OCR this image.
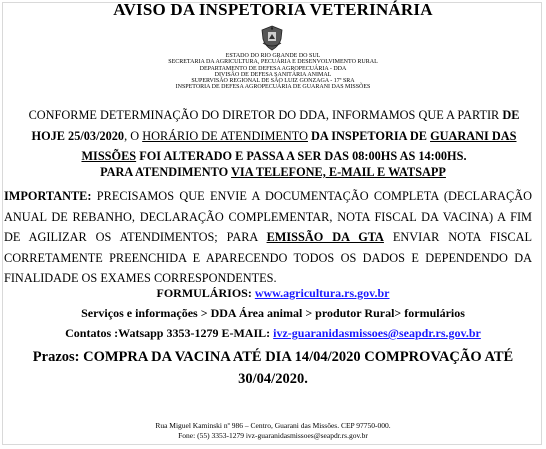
AVISO DA INSPETORIA VETERINÁRIA
ESTADO DO RIO GRANDE DO SUL
SECRETARIA DA AGRICULTURA, PECUÁRIA E DESENVOLVIMENTO RURAL
DEPARTAMENTO DE DEFESA AGROPECUÁRIA - DDA
DIVISÃO DE DEFESA SANITÁRIA ANIMAL
SUPERVISÃO REGIONAL DE SÃO LUIZ GONZAGA - 17ª SRA
INSPETORIA DE DEFESA AGROPECUÁRIA DE GUARANI DAS MISSÕES
CONFORME DETERMINAÇÃO DO DIRETOR DO DDA, INFORMAMOS QUE A PARTIR DE HOJE 25/03/2020, O HORÁRIO DE ATENDIMENTO DA INSPETORIA DE GUARANI DAS MISSÕES FOI ALTERADO E PASSA A SER DAS 08:00HS AS 14:00HS.
PARA ATENDIMENTO VIA TELEFONE, E-MAIL E WATSAPP
IMPORTANTE: PRECISAMOS QUE ENVIE A DOCUMENTAÇÃO COMPLETA (DECLARAÇÃO ANUAL DE REBANHO, DECLARAÇÃO COMPLEMENTAR, NOTA FISCAL DA VACINA) A FIM DE AGILIZAR OS ATENDIMENTOS; PARA EMISSÃO DA GTA ENVIAR NOTA FISCAL CORRETAMENTE PREENCHIDA E APARECENDO TODOS OS DADOS E DEPENDENDO DA FINALIDADE OS EXAMES CORRESPONDENTES.
FORMULÁRIOS: www.agricultura.rs.gov.br
Serviços e informações > DDA Área animal > produtor Rural> formulários
Contatos :Watsapp 3353-1279 E-MAIL: ivz-guaranidasmissoes@seapdr.rs.gov.br
Prazos: COMPRA DA VACINA ATÉ DIA 14/04/2020 COMPROVAÇÃO ATÉ
30/04/2020.
Rua Miguel Kaminski nº 986 – Centro, Guarani das Missões. CEP 97750-000.
Fone: (55) 3353-1279 ivz-guaranidasmissoes@seapdr.rs.gov.br
